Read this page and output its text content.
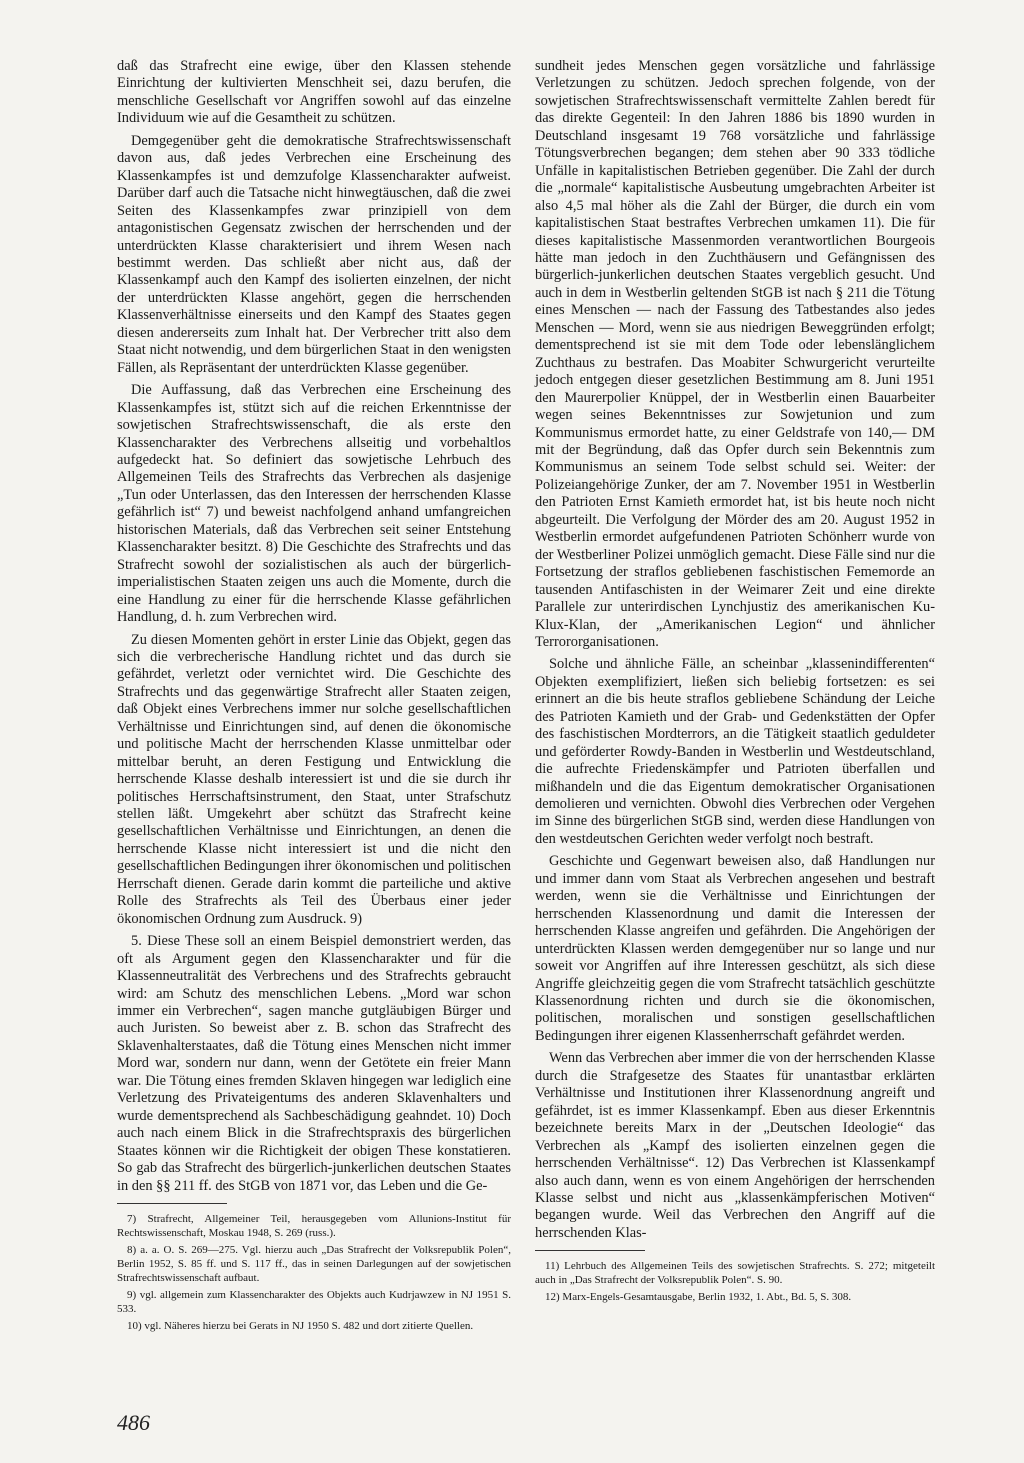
daß das Strafrecht eine ewige, über den Klassen stehende Einrichtung der kultivierten Menschheit sei, dazu berufen, die menschliche Gesellschaft vor Angriffen sowohl auf das einzelne Individuum wie auf die Gesamtheit zu schützen.

Demgegenüber geht die demokratische Strafrechtswissenschaft davon aus, daß jedes Verbrechen eine Erscheinung des Klassenkampfes ist und demzufolge Klassencharakter aufweist. Darüber darf auch die Tatsache nicht hinwegtäuschen, daß die zwei Seiten des Klassenkampfes zwar prinzipiell von dem antagonistischen Gegensatz zwischen der herrschenden und der unterdrückten Klasse charakterisiert und ihrem Wesen nach bestimmt werden. Das schließt aber nicht aus, daß der Klassenkampf auch den Kampf des isolierten einzelnen, der nicht der unterdrückten Klasse angehört, gegen die herrschenden Klassenverhältnisse einerseits und den Kampf des Staates gegen diesen andererseits zum Inhalt hat. Der Verbrecher tritt also dem Staat nicht notwendig, und dem bürgerlichen Staat in den wenigsten Fällen, als Repräsentant der unterdrückten Klasse gegenüber.

Die Auffassung, daß das Verbrechen eine Erscheinung des Klassenkampfes ist, stützt sich auf die reichen Erkenntnisse der sowjetischen Strafrechtswissenschaft, die als erste den Klassencharakter des Verbrechens allseitig und vorbehaltlos aufgedeckt hat. So definiert das sowjetische Lehrbuch des Allgemeinen Teils des Strafrechts das Verbrechen als dasjenige „Tun oder Unterlassen, das den Interessen der herrschenden Klasse gefährlich ist“ 7) und beweist nachfolgend anhand umfangreichen historischen Materials, daß das Verbrechen seit seiner Entstehung Klassencharakter besitzt. 8) Die Geschichte des Strafrechts und das Strafrecht sowohl der sozialistischen als auch der bürgerlich-imperialistischen Staaten zeigen uns auch die Momente, durch die eine Handlung zu einer für die herrschende Klasse gefährlichen Handlung, d. h. zum Verbrechen wird.

Zu diesen Momenten gehört in erster Linie das Objekt, gegen das sich die verbrecherische Handlung richtet und das durch sie gefährdet, verletzt oder vernichtet wird. Die Geschichte des Strafrechts und das gegenwärtige Strafrecht aller Staaten zeigen, daß Objekt eines Verbrechens immer nur solche gesellschaftlichen Verhältnisse und Einrichtungen sind, auf denen die ökonomische und politische Macht der herrschenden Klasse unmittelbar oder mittelbar beruht, an deren Festigung und Entwicklung die herrschende Klasse deshalb interessiert ist und die sie durch ihr politisches Herrschaftsinstrument, den Staat, unter Strafschutz stellen läßt. Umgekehrt aber schützt das Strafrecht keine gesellschaftlichen Verhältnisse und Einrichtungen, an denen die herrschende Klasse nicht interessiert ist und die nicht den gesellschaftlichen Bedingungen ihrer ökonomischen und politischen Herrschaft dienen. Gerade darin kommt die parteiliche und aktive Rolle des Strafrechts als Teil des Überbaus einer jeder ökonomischen Ordnung zum Ausdruck. 9)

5. Diese These soll an einem Beispiel demonstriert werden, das oft als Argument gegen den Klassencharakter und für die Klassenneutralität des Verbrechens und des Strafrechts gebraucht wird: am Schutz des menschlichen Lebens. „Mord war schon immer ein Verbrechen“, sagen manche gutgläubigen Bürger und auch Juristen. So beweist aber z. B. schon das Strafrecht des Sklavenhalterstaates, daß die Tötung eines Menschen nicht immer Mord war, sondern nur dann, wenn der Getötete ein freier Mann war. Die Tötung eines fremden Sklaven hingegen war lediglich eine Verletzung des Privateigentums des anderen Sklavenhalters und wurde dementsprechend als Sachbeschädigung geahndet. 10) Doch auch nach einem Blick in die Strafrechtspraxis des bürgerlichen Staates können wir die Richtigkeit der obigen These konstatieren. So gab das Strafrecht des bürgerlich-junkerlichen deutschen Staates in den §§ 211 ff. des StGB von 1871 vor, das Leben und die Ge-

7) Strafrecht, Allgemeiner Teil, herausgegeben vom Allunions-Institut für Rechtswissenschaft, Moskau 1948, S. 269 (russ.).

8) a. a. O. S. 269—275. Vgl. hierzu auch „Das Strafrecht der Volksrepublik Polen“, Berlin 1952, S. 85 ff. und S. 117 ff., das in seinen Darlegungen auf der sowjetischen Strafrechtswissenschaft aufbaut.

9) vgl. allgemein zum Klassencharakter des Objekts auch Kudrjawzew in NJ 1951 S. 533.

10) vgl. Näheres hierzu bei Gerats in NJ 1950 S. 482 und dort zitierte Quellen.

sundheit jedes Menschen gegen vorsätzliche und fahrlässige Verletzungen zu schützen. Jedoch sprechen folgende, von der sowjetischen Strafrechtswissenschaft vermittelte Zahlen beredt für das direkte Gegenteil: In den Jahren 1886 bis 1890 wurden in Deutschland insgesamt 19 768 vorsätzliche und fahrlässige Tötungsverbrechen begangen; dem stehen aber 90 333 tödliche Unfälle in kapitalistischen Betrieben gegenüber. Die Zahl der durch die „normale“ kapitalistische Ausbeutung umgebrachten Arbeiter ist also 4,5 mal höher als die Zahl der Bürger, die durch ein vom kapitalistischen Staat bestraftes Verbrechen umkamen 11). Die für dieses kapitalistische Massenmorden verantwortlichen Bourgeois hätte man jedoch in den Zuchthäusern und Gefängnissen des bürgerlich-junkerlichen deutschen Staates vergeblich gesucht. Und auch in dem in Westberlin geltenden StGB ist nach § 211 die Tötung eines Menschen — nach der Fassung des Tatbestandes also jedes Menschen — Mord, wenn sie aus niedrigen Beweggründen erfolgt; dementsprechend ist sie mit dem Tode oder lebenslänglichem Zuchthaus zu bestrafen. Das Moabiter Schwurgericht verurteilte jedoch entgegen dieser gesetzlichen Bestimmung am 8. Juni 1951 den Maurerpolier Knüppel, der in Westberlin einen Bauarbeiter wegen seines Bekenntnisses zur Sowjetunion und zum Kommunismus ermordet hatte, zu einer Geldstrafe von 140,— DM mit der Begründung, daß das Opfer durch sein Bekenntnis zum Kommunismus an seinem Tode selbst schuld sei. Weiter: der Polizeiangehörige Zunker, der am 7. November 1951 in Westberlin den Patrioten Ernst Kamieth ermordet hat, ist bis heute noch nicht abgeurteilt. Die Verfolgung der Mörder des am 20. August 1952 in Westberlin ermordet aufgefundenen Patrioten Schönherr wurde von der Westberliner Polizei unmöglich gemacht. Diese Fälle sind nur die Fortsetzung der straflos gebliebenen faschistischen Fememorde an tausenden Antifaschisten in der Weimarer Zeit und eine direkte Parallele zur unterirdischen Lynchjustiz des amerikanischen Ku-Klux-Klan, der „Amerikanischen Legion“ und ähnlicher Terrororganisationen.

Solche und ähnliche Fälle, an scheinbar „klassenindifferenten“ Objekten exemplifiziert, ließen sich beliebig fortsetzen: es sei erinnert an die bis heute straflos gebliebene Schändung der Leiche des Patrioten Kamieth und der Grab- und Gedenkstätten der Opfer des faschistischen Mordterrors, an die Tätigkeit staatlich geduldeter und geförderter Rowdy-Banden in Westberlin und Westdeutschland, die aufrechte Friedenskämpfer und Patrioten überfallen und mißhandeln und die das Eigentum demokratischer Organisationen demolieren und vernichten. Obwohl dies Verbrechen oder Vergehen im Sinne des bürgerlichen StGB sind, werden diese Handlungen von den westdeutschen Gerichten weder verfolgt noch bestraft.

Geschichte und Gegenwart beweisen also, daß Handlungen nur und immer dann vom Staat als Verbrechen angesehen und bestraft werden, wenn sie die Verhältnisse und Einrichtungen der herrschenden Klassenordnung und damit die Interessen der herrschenden Klasse angreifen und gefährden. Die Angehörigen der unterdrückten Klassen werden demgegenüber nur so lange und nur soweit vor Angriffen auf ihre Interessen geschützt, als sich diese Angriffe gleichzeitig gegen die vom Strafrecht tatsächlich geschützte Klassenordnung richten und durch sie die ökonomischen, politischen, moralischen und sonstigen gesellschaftlichen Bedingungen ihrer eigenen Klassenherrschaft gefährdet werden.

Wenn das Verbrechen aber immer die von der herrschenden Klasse durch die Strafgesetze des Staates für unantastbar erklärten Verhältnisse und Institutionen ihrer Klassenordnung angreift und gefährdet, ist es immer Klassenkampf. Eben aus dieser Erkenntnis bezeichnete bereits Marx in der „Deutschen Ideologie“ das Verbrechen als „Kampf des isolierten einzelnen gegen die herrschenden Verhältnisse“. 12) Das Verbrechen ist Klassenkampf also auch dann, wenn es von einem Angehörigen der herrschenden Klasse selbst und nicht aus „klassenkämpferischen Motiven“ begangen wurde. Weil das Verbrechen den Angriff auf die herrschenden Klas-

11) Lehrbuch des Allgemeinen Teils des sowjetischen Strafrechts. S. 272; mitgeteilt auch in „Das Strafrecht der Volksrepublik Polen“. S. 90.

12) Marx-Engels-Gesamtausgabe, Berlin 1932, 1. Abt., Bd. 5, S. 308.

486
